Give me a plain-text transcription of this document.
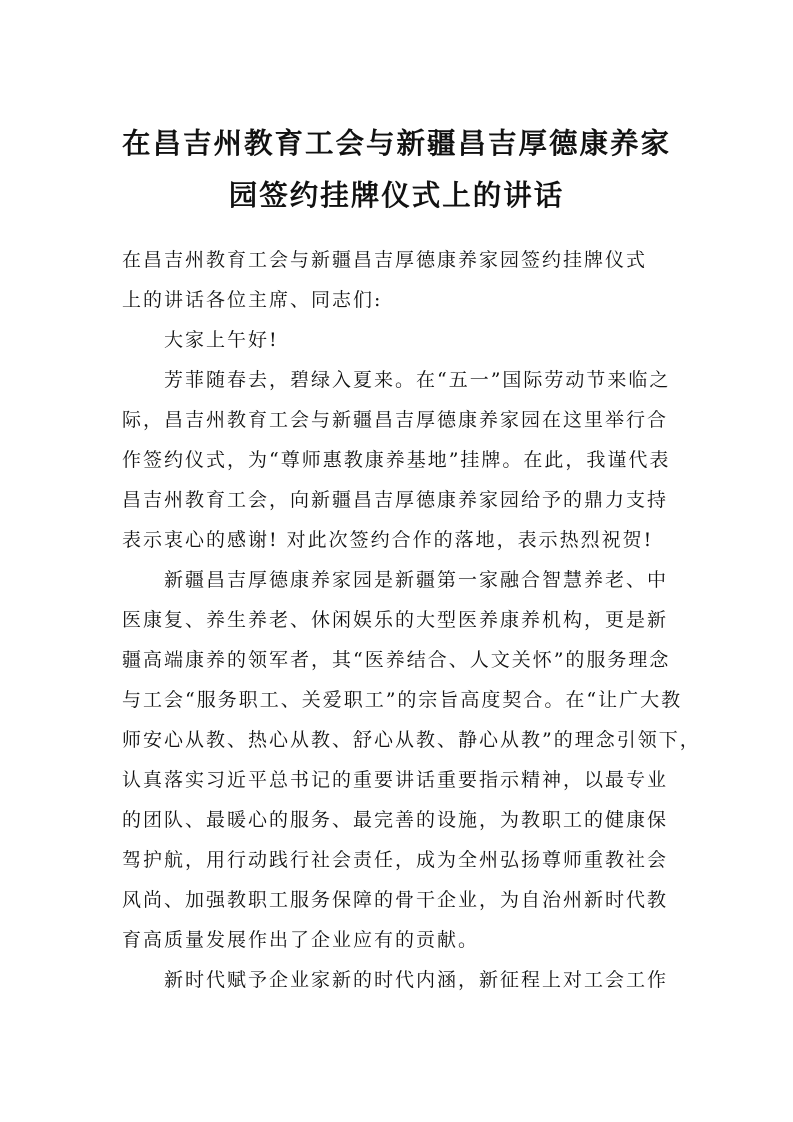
在昌吉州教育工会与新疆昌吉厚德康养家
园签约挂牌仪式上的讲话

在昌吉州教育工会与新疆昌吉厚德康养家园签约挂牌仪式
上的讲话各位主席、同志们:

大家上午好!

芳菲随春去，碧绿入夏来。在“五一”国际劳动节来临之
际，昌吉州教育工会与新疆昌吉厚德康养家园在这里举行合
作签约仪式，为“尊师惠教康养基地”挂牌。在此，我谨代表
昌吉州教育工会，向新疆昌吉厚德康养家园给予的鼎力支持
表示衷心的感谢! 对此次签约合作的落地，表示热烈祝贺!

新疆昌吉厚德康养家园是新疆第一家融合智慧养老、中
医康复、养生养老、休闲娱乐的大型医养康养机构，更是新
疆高端康养的领军者，其“医养结合、人文关怀”的服务理念
与工会“服务职工、关爱职工”的宗旨高度契合。在“让广大教
师安心从教、热心从教、舒心从教、静心从教”的理念引领下，
认真落实习近平总书记的重要讲话重要指示精神，以最专业
的团队、最暖心的服务、最完善的设施，为教职工的健康保
驾护航，用行动践行社会责任，成为全州弘扬尊师重教社会
风尚、加强教职工服务保障的骨干企业，为自治州新时代教
育高质量发展作出了企业应有的贡献。

新时代赋予企业家新的时代内涵，新征程上对工会工作
